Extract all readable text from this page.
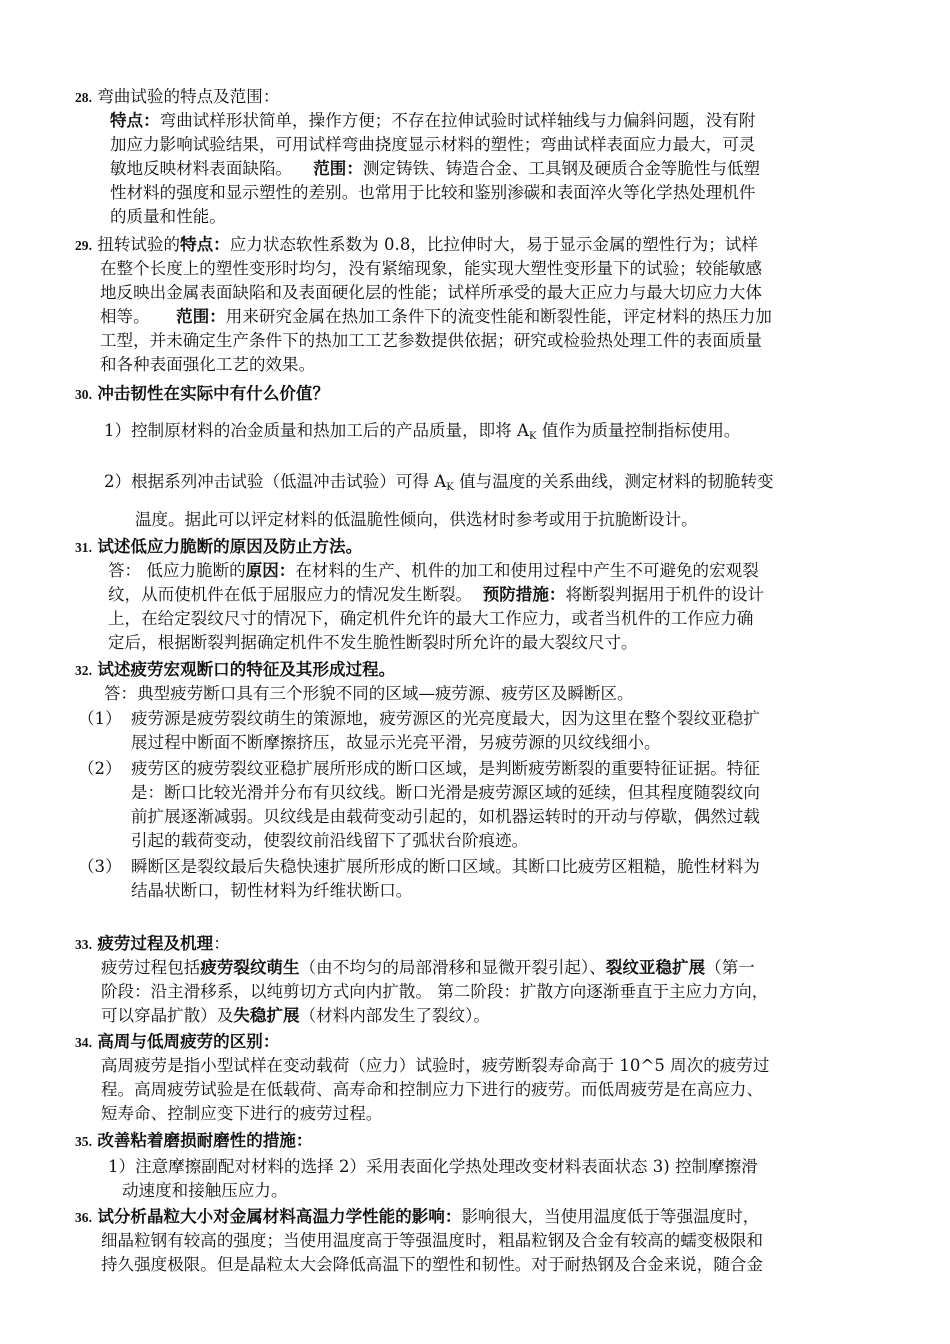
28. 弯曲试验的特点及范围：
特点：弯曲试样形状简单，操作方便；不存在拉伸试验时试样轴线与力偏斜问题，没有附
加应力影响试验结果，可用试样弯曲挠度显示材料的塑性；弯曲试样表面应力最大，可灵
敏地反映材料表面缺陷。 范围：测定铸铁、铸造合金、工具钢及硬质合金等脆性与低塑
性材料的强度和显示塑性的差别。也常用于比较和鉴别渗碳和表面淬火等化学热处理机件
的质量和性能。
29. 扭转试验的特点：应力状态软性系数为 0.8，比拉伸时大，易于显示金属的塑性行为；试样
在整个长度上的塑性变形时均匀，没有紧缩现象，能实现大塑性变形量下的试验；较能敏感
地反映出金属表面缺陷和及表面硬化层的性能；试样所承受的最大正应力与最大切应力大体
相等。 范围：用来研究金属在热加工条件下的流变性能和断裂性能，评定材料的热压力加
工型，并未确定生产条件下的热加工工艺参数提供依据；研究或检验热处理工件的表面质量
和各种表面强化工艺的效果。
30. 冲击韧性在实际中有什么价值？
1）控制原材料的冶金质量和热加工后的产品质量，即将 $A_K$ 值作为质量控制指标使用。
2）根据系列冲击试验（低温冲击试验）可得 $A_K$ 值与温度的关系曲线，测定材料的韧脆转变
温度。据此可以评定材料的低温脆性倾向，供选材时参考或用于抗脆断设计。
31. 试述低应力脆断的原因及防止方法。
答： 低应力脆断的原因：在材料的生产、机件的加工和使用过程中产生不可避免的宏观裂
纹，从而使机件在低于屈服应力的情况发生断裂。 预防措施：将断裂判据用于机件的设计
上，在给定裂纹尺寸的情况下，确定机件允许的最大工作应力，或者当机件的工作应力确
定后，根据断裂判据确定机件不发生脆性断裂时所允许的最大裂纹尺寸。
32. 试述疲劳宏观断口的特征及其形成过程。
答：典型疲劳断口具有三个形貌不同的区域—疲劳源、疲劳区及瞬断区。
（1） 疲劳源是疲劳裂纹萌生的策源地，疲劳源区的光亮度最大，因为这里在整个裂纹亚稳扩
展过程中断面不断摩擦挤压，故显示光亮平滑，另疲劳源的贝纹线细小。
（2） 疲劳区的疲劳裂纹亚稳扩展所形成的断口区域，是判断疲劳断裂的重要特征证据。特征
是：断口比较光滑并分布有贝纹线。断口光滑是疲劳源区域的延续，但其程度随裂纹向
前扩展逐渐减弱。贝纹线是由载荷变动引起的，如机器运转时的开动与停歇，偶然过载
引起的载荷变动，使裂纹前沿线留下了弧状台阶痕迹。
（3） 瞬断区是裂纹最后失稳快速扩展所形成的断口区域。其断口比疲劳区粗糙，脆性材料为
结晶状断口，韧性材料为纤维状断口。
33. 疲劳过程及机理：
疲劳过程包括疲劳裂纹萌生（由不均匀的局部滑移和显微开裂引起）、裂纹亚稳扩展（第一
阶段：沿主滑移系，以纯剪切方式向内扩散。 第二阶段：扩散方向逐渐垂直于主应力方向，
可以穿晶扩散）及失稳扩展（材料内部发生了裂纹）。
34. 高周与低周疲劳的区别：
高周疲劳是指小型试样在变动载荷（应力）试验时，疲劳断裂寿命高于 10^5 周次的疲劳过
程。高周疲劳试验是在低载荷、高寿命和控制应力下进行的疲劳。而低周疲劳是在高应力、
短寿命、控制应变下进行的疲劳过程。
35. 改善粘着磨损耐磨性的措施：
1）注意摩擦副配对材料的选择 2）采用表面化学热处理改变材料表面状态 3) 控制摩擦滑
动速度和接触压应力。
36. 试分析晶粒大小对金属材料高温力学性能的影响：影响很大，当使用温度低于等强温度时，
细晶粒钢有较高的强度；当使用温度高于等强温度时，粗晶粒钢及合金有较高的蠕变极限和
持久强度极限。但是晶粒太大会降低高温下的塑性和韧性。对于耐热钢及合金来说，随合金
